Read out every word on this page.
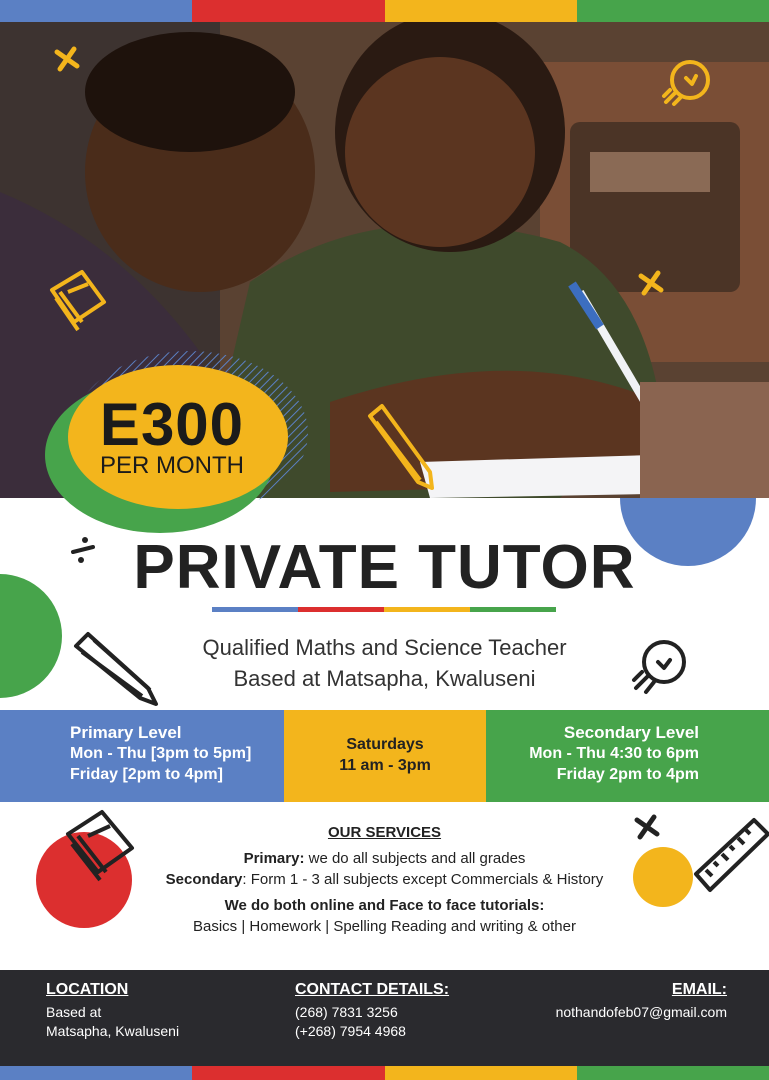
E300
PER MONTH
PRIVATE TUTOR
Qualified Maths and Science Teacher
Based at Matsapha, Kwaluseni
Primary Level
Mon - Thu [3pm to 5pm]
Friday [2pm to 4pm]
Saturdays
11 am - 3pm
Secondary Level
Mon - Thu 4:30 to 6pm
Friday 2pm to 4pm
OUR SERVICES
Primary: we do all subjects and all grades
Secondary: Form 1 - 3 all subjects except Commercials & History
We do both online and Face to face tutorials:
Basics | Homework | Spelling Reading and writing & other
LOCATION
Based at
Matsapha, Kwaluseni
CONTACT DETAILS:
(268) 7831 3256
(+268) 7954 4968
EMAIL:
nothandofeb07@gmail.com
